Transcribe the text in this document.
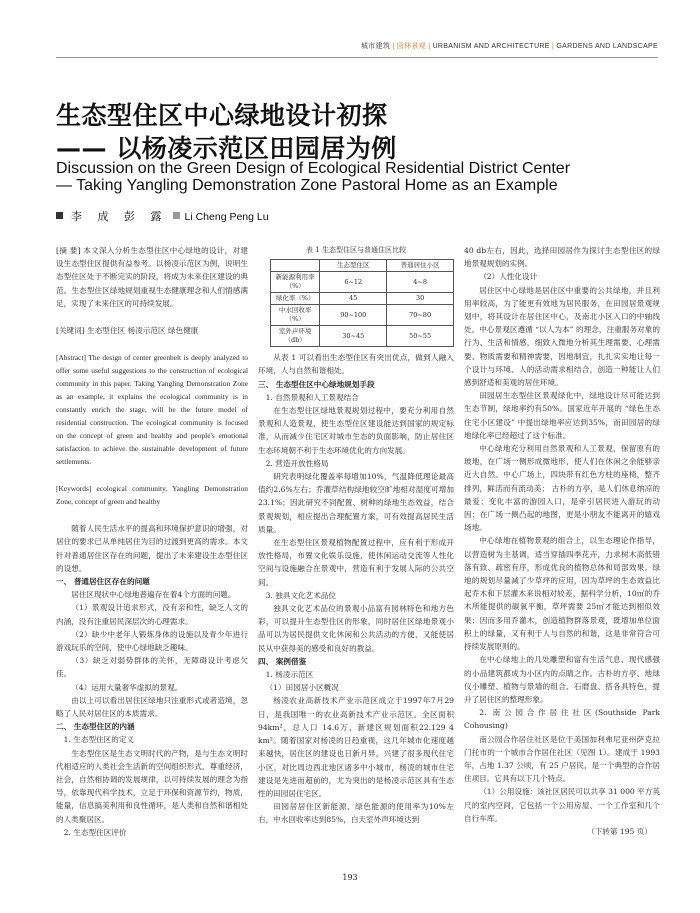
城市建筑 | 园林景观 | URBANISM AND ARCHITECTURE | GARDENS AND LANDSCAPE
生态型住区中心绿地设计初探
—— 以杨凌示范区田园居为例
Discussion on the Green Design of Ecological Residential District Center
— Taking Yangling Demonstration Zone Pastoral Home as an Example
李 成 彭 露 Li Cheng Peng Lu
[摘 要] 本文深入分析生态型住区中心绿地的设计，对建设生态型住区提供有益参考。以杨凌示范区为例，说明生态型住区处于不断完实的阶段，将成为未来住区建设的典范。生态型住区绿地规划重视生态健康理念和人们情感满足，实现了未来住区的可持续发展。
[关键词] 生态型住区 杨凌示范区 绿色健康
[Abstract] The design of center greenbelt is deeply analyzed to offer some useful suggestions to the construction of ecological community in this paper. Taking Yangling Demonstration Zone as an example, it explains the ecological community is in constantly enrich the stage, will be the future model of residential construction. The ecological community is focused on the concept of green and healthy and people's emotional satisfaction to achieve the sustainable development of future settlements.
[Keywords] ecological community, Yangling Demonstration Zone, concept of green and healthy
随着人民生活水平的提高和环境保护意识的增强，对居住的要求已从单纯居住为目的过渡到更高的需求。本文针对普通居住区存在的问题，提出了未来建设生态型住区的设想。
一、 普通居住区存在的问题
居住区现状中心绿地普遍存在着4个方面的问题。
（1）景观设计追求形式，没有亲和性，缺乏人文的内涵，没有注重居民深层次的心理需求。
（2）缺少中老年人锻炼身体的设施以及青少年进行游戏玩乐的空间，使中心绿地缺乏趣味。
（3）缺乏对弱势群体的关怀，无障碍设计考虑欠佳。
（4）运用大量奢华虚拟的景观。
由以上可以看出居住区绿地只注重形式或者造境，忽略了人民对居住区的本质需求。
二、 生态型住区的内涵
1. 生态型住区的定义
生态型住区是生态文明时代的产物，是与生态文明时代相适应的人类社会生活新的空间组织形式，尊重经济，社会，自然相协调的发展规律，以可持续发展的理念为指导，依靠现代科学技术，立足于环保和资源节约，物质，能量，信息搞美利用和良性循环，是人类和自然和谐相处的人类聚居区。
2. 生态型住区评价
表 1 生态型住区与普通住区比较
	生态型住区	普通居住小区
新能源利用率（%）	6~12	4~8
绿化率（%）	45	30
中水回收率（%）	90~100	70~80
室外声环境（db）	30~45	50~55
从表 1 可以看出生态型住区有突出优点，做到人融入环境，人与自然和谐相处。
三、 生态型住区中心绿地规划手段
1. 自然景观和人工景观结合
在生态型住区绿地景观规划过程中，要充分利用自然景观和人造景观，使生态型住区建设能达到国家的规定标准，从而减少住宅区对城市生态的负面影响，防止居住区生态环境朝不利于生态环境优化的方向发展。
2. 营造开放性格局
研究表明绿化覆盖率每增加10%，气温降低理论最高值约2.6%左右；乔灌草结构绿地较空旷地相对湿度可增加23.1%；因此研究不同配置、树种的绿地生态效益，结合景观规划，相应提出合理配置方案，可有效提高居民生活质量。
在生态型住区景观植物配置过程中，应有利于形成开放性格局，布置文化娱乐设施，使休闲运动交流等人性化空间与设施融合在景观中，营造有利于发展人际的公共空间。
3. 独具文化艺术品位
独具文化艺术品位的景观小品富有园林特色和地方色彩，可以提升生态型住区的形象，同时居住区绿地景观小品可以为居民提供文化休闲和公共活动的方便，又能使居民从中获得美的感受和良好的教益。
四、 案例借鉴
1. 杨凌示范区
（1）田园居小区概况
杨凌农业高新技术产业示范区成立于1997年7月29日，是我国唯一的农业高新技术产业示范区。全区面积 94km²，总人口 14.6万，新建区规划面积22.129 4 km²。随着国家对杨凌的日趋重视，这几年城市化速度越来越快，居住区的建设也日新月异，兴建了很多现代住宅小区，对比周边西北地区诸多中小城市，杨凌的城市住宅建设是先进而超前的，尤为突出的是杨凌示范区具有生态性的田园居住宅区。
田园居居住区新能源、绿色能源的使用率为10%左右，中水回收率达到85%，白天室外声环境达到
40 db左右，因此，选择田园居作为探讨生态型住区的绿地景观规划的实例。
（2）人性化设计
居住区中心绿地是居住区中重要的公共绿地，并且利用率较高，为了能更有效地为居民服务，在田园居景观规划中，将其设计在居住区中心，及南北小区入口的中轴线处。中心景观区遵循 “以人为本” 的理念，注重服务对象的行为、生活和情感，细致入微地分析其生理需要、心理需要、物质需要和精神需要，因地制宜，扎扎实实地让每一个设计与环境、人的活动需求相结合，创造一种能让人们感到舒适和美观的居住环境。
田园居生态型住区景观绿化中，绿地设计尽可能达到生态节制，绿地率约有50%。国家近年开展的 “绿色生态住宅小区建设” 中提出绿地率应达到35%，而田园居的绿地绿化率已经超过了这个标准。
中心绿地充分利用自然景观和人工景观，保留原有的玻地，在广场一侧形成微地形，使人们在休闲之余能够亲近大自然。中心广场上，四块带有红色方柱的座椅，整齐排列，鲜活而有流动美； 古朴的方亭，是人们休息纳凉的最爱；变化丰富的游园入口，是牵引居民进入游玩的动因；在广场一侧凸起的地图，更是小朋友不能离开的嬉戏场地。
中心绿地在植物景观的组合上，以生态理论作指导，以营造树为主基调，适当穿插四季花卉，力求树木高低错落有致、疏密有序，形成优良的植物总体和局部效果。绿地的规划尽量减了少草坪的应用，因为草坪的生态效益比起乔木和下层灌木来说相对较差，据科学分析，10㎡的乔木所能提供的碳氧平衡，草坪需要 25㎡才能达到相似效果；因而多用乔灌木，创造植物群落景观，既增加单位面积上的绿量，又有利于人与自然的和谐，这是非常符合可持续发展原则的。
在中心绿地上的几处雕塑和富有生活气息、现代感强的小品建筑都成为小区内的点睛之作。古朴的方亭、地球仪小雕塑、植物与景墙的组合、石磨盘、搭各具特色，提升了居住区的整理形象。
2. 南公园合作居住社区(Southside Park Cohousing)
南公园合作居住社区是位于美国加利弗尼亚州萨克拉门托市的一个城市合作居住社区（见图 1）。建成于 1993 年，占地 1.37 公顷，有 25 户居民，是一个典型的合作居住项目。它具有以下几个特点。
（1）公用设施：该社区居民可以共享 31 000 平方英尺的室内空间，它包括一个公用房屋、一个工作室和几个自行车库。
（下转第 195 页）
193
